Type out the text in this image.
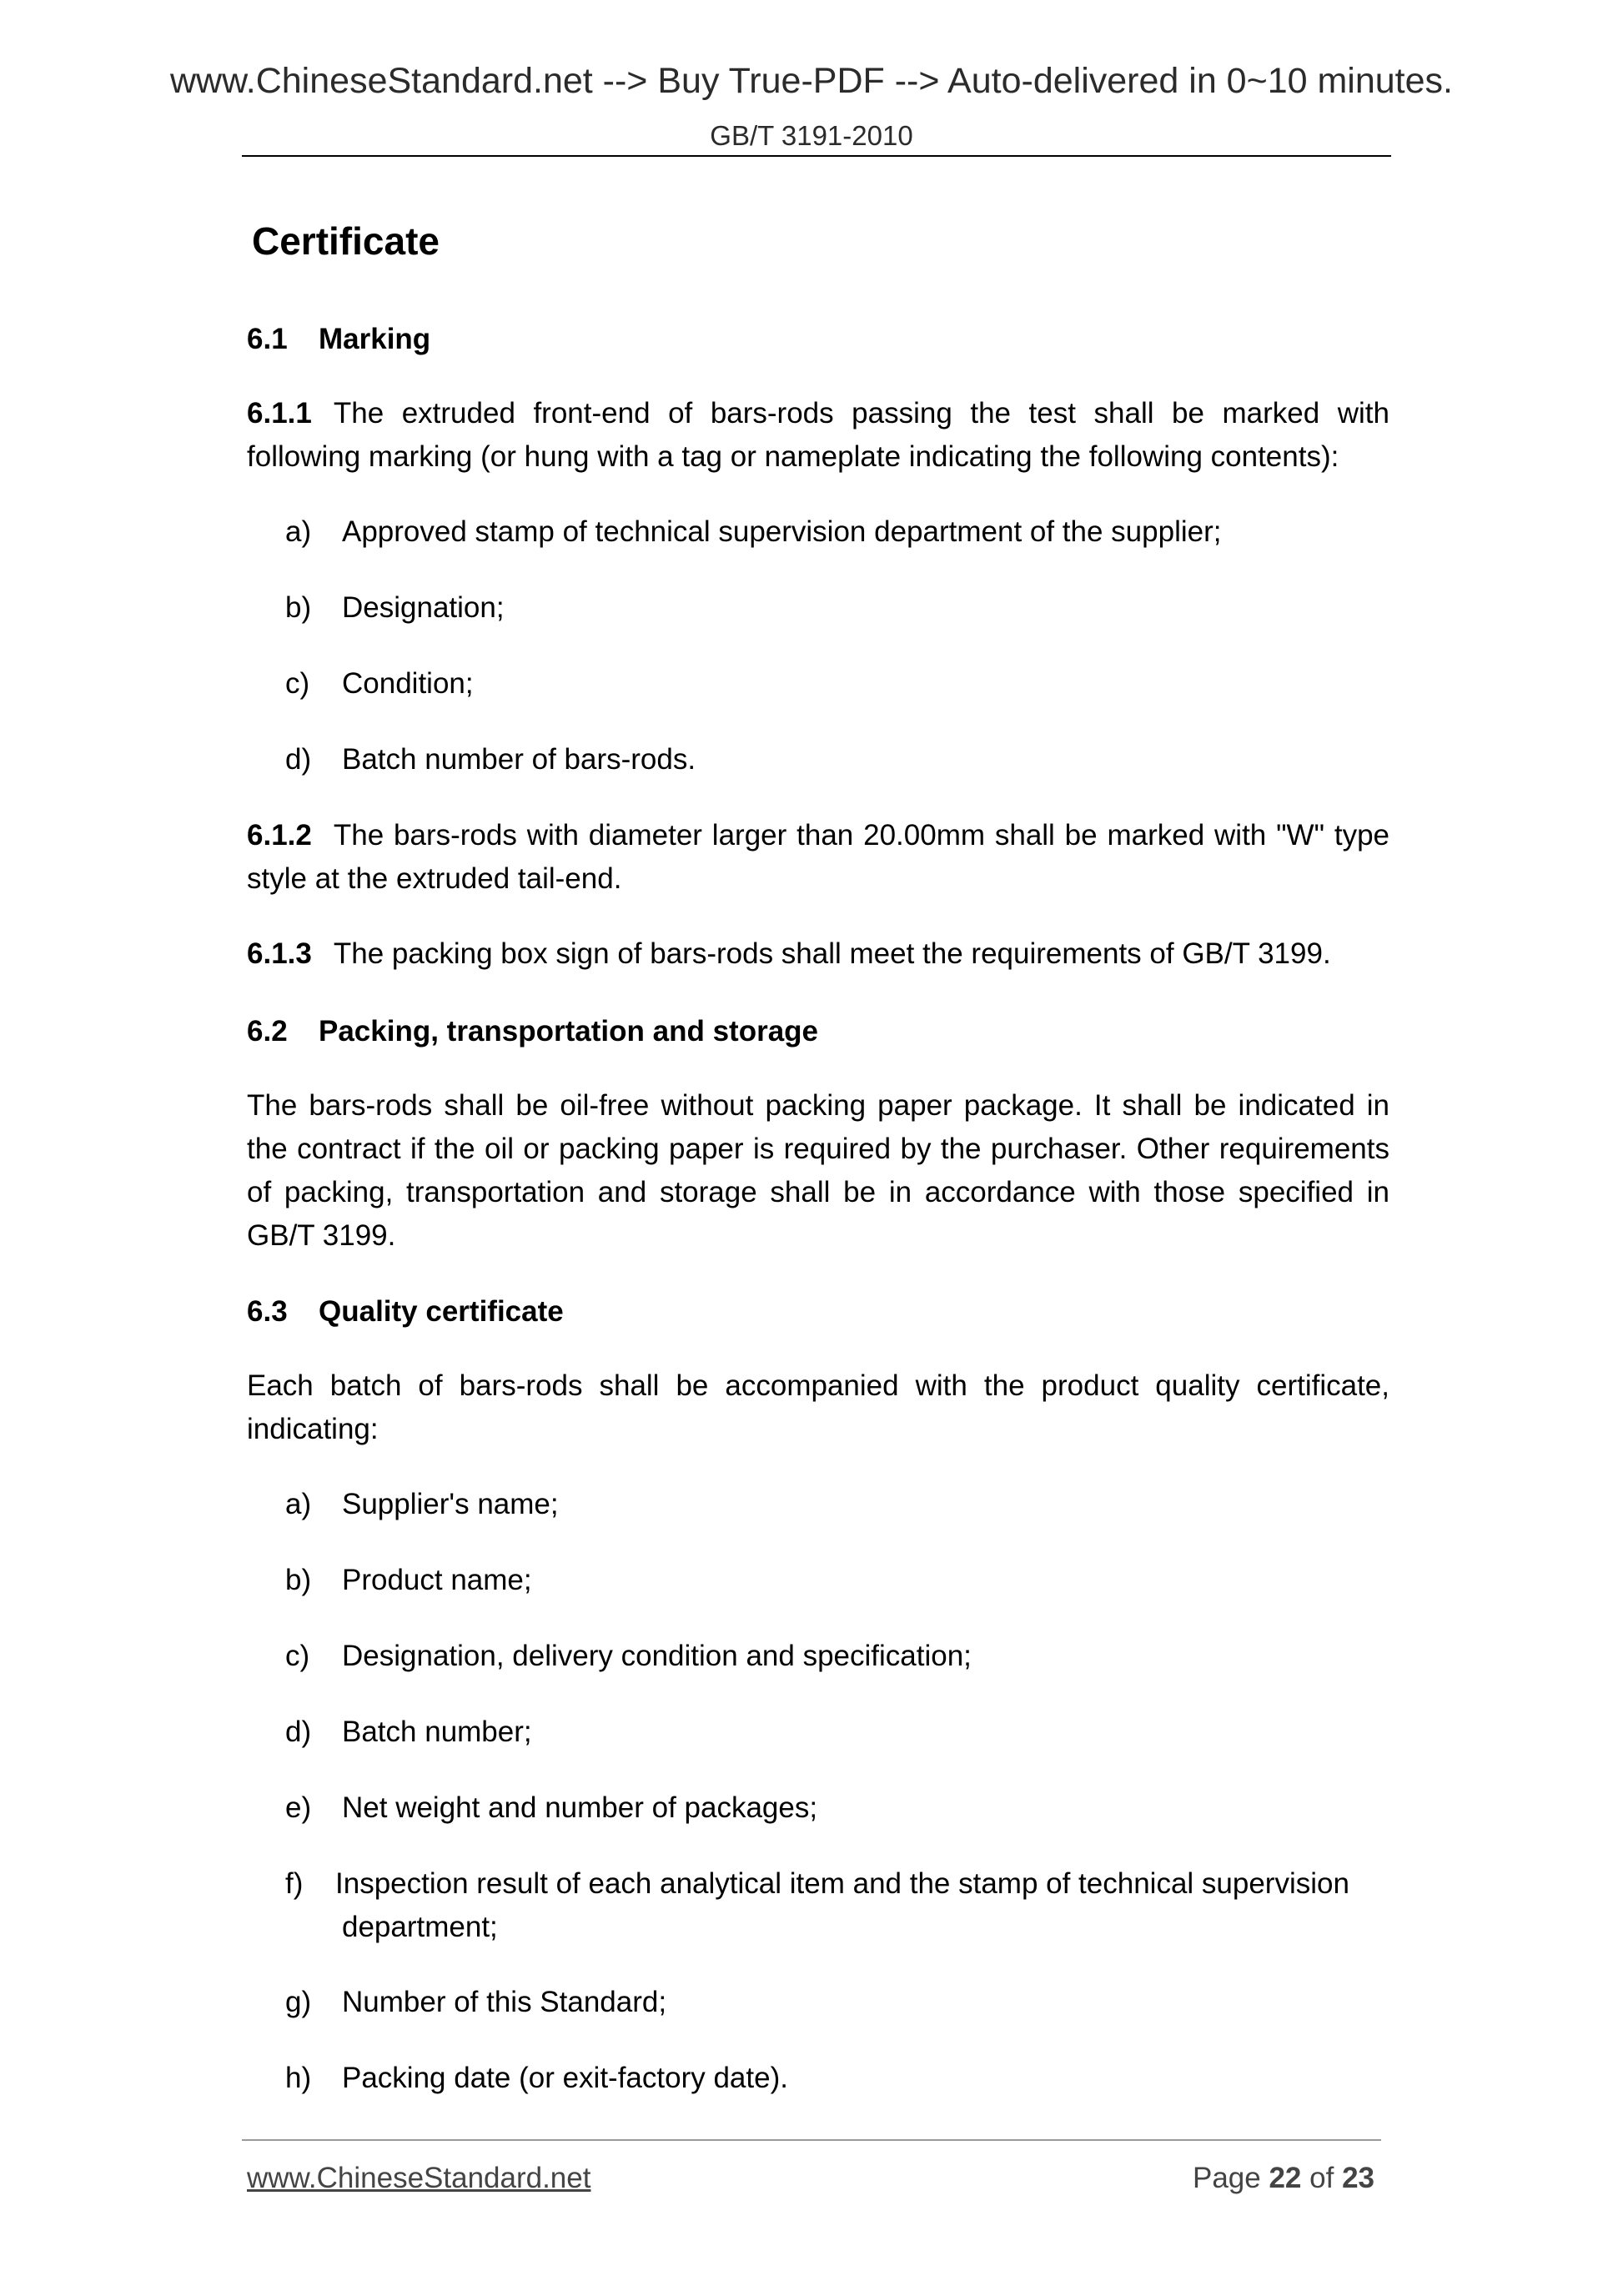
www.ChineseStandard.net --> Buy True-PDF --> Auto-delivered in 0~10 minutes.
GB/T 3191-2010
Certificate
6.1 Marking
6.1.1 The extruded front-end of bars-rods passing the test shall be marked with following marking (or hung with a tag or nameplate indicating the following contents):
a) Approved stamp of technical supervision department of the supplier;
b) Designation;
c) Condition;
d) Batch number of bars-rods.
6.1.2 The bars-rods with diameter larger than 20.00mm shall be marked with "W" type style at the extruded tail-end.
6.1.3 The packing box sign of bars-rods shall meet the requirements of GB/T 3199.
6.2 Packing, transportation and storage
The bars-rods shall be oil-free without packing paper package. It shall be indicated in the contract if the oil or packing paper is required by the purchaser. Other requirements of packing, transportation and storage shall be in accordance with those specified in GB/T 3199.
6.3 Quality certificate
Each batch of bars-rods shall be accompanied with the product quality certificate, indicating:
a) Supplier's name;
b) Product name;
c) Designation, delivery condition and specification;
d) Batch number;
e) Net weight and number of packages;
f) Inspection result of each analytical item and the stamp of technical supervision
department;
g) Number of this Standard;
h) Packing date (or exit-factory date).
www.ChineseStandard.net	Page 22 of 23
